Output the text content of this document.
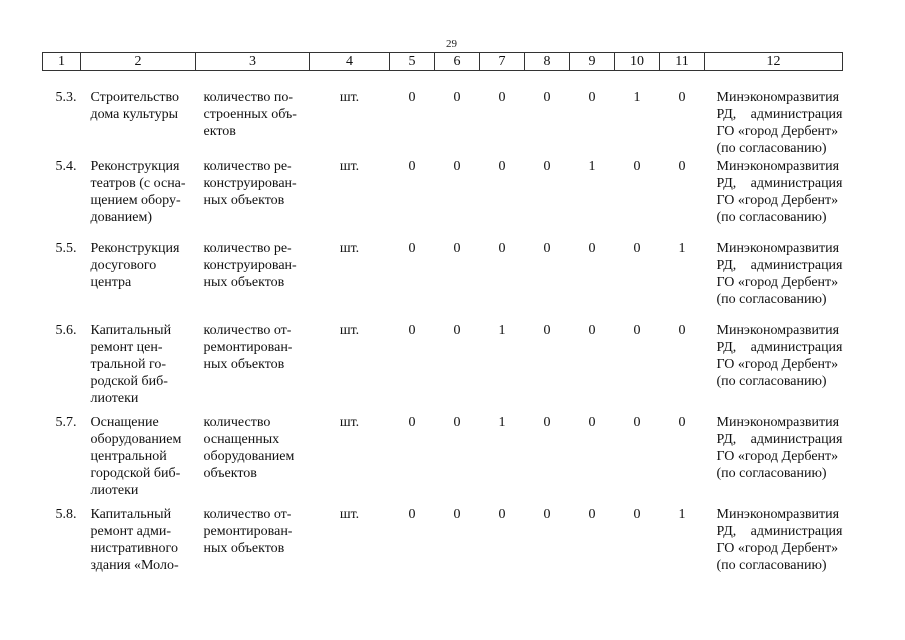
29
1	2	3	4	5	6	7	8	9	10	11	12
5.3.	Строительство
дома культуры	количество по-
строенных объ-
ектов	шт.	0	0	0	0	0	1	0	Минэкономразвития
РД, администрация
ГО «город Дербент»
(по согласованию)

5.4.	Реконструкция
театров (с осна-
щением обору-
дованием)	количество ре-
конструирован-
ных объектов	шт.	0	0	0	0	1	0	0	Минэкономразвития
РД, администрация
ГО «город Дербент»
(по согласованию)

5.5.	Реконструкция
досугового
центра	количество ре-
конструирован-
ных объектов	шт.	0	0	0	0	0	0	1	Минэкономразвития
РД, администрация
ГО «город Дербент»
(по согласованию)

5.6.	Капитальный
ремонт цен-
тральной го-
родской биб-
лиотеки	количество от-
ремонтирован-
ных объектов	шт.	0	0	1	0	0	0	0	Минэкономразвития
РД, администрация
ГО «город Дербент»
(по согласованию)

5.7.	Оснащение
оборудованием
центральной
городской биб-
лиотеки	количество
оснащенных
оборудованием
объектов	шт.	0	0	1	0	0	0	0	Минэкономразвития
РД, администрация
ГО «город Дербент»
(по согласованию)

5.8.	Капитальный
ремонт адми-
нистративного
здания «Моло-	количество от-
ремонтирован-
ных объектов	шт.	0	0	0	0	0	0	1	Минэкономразвития
РД, администрация
ГО «город Дербент»
(по согласованию)
